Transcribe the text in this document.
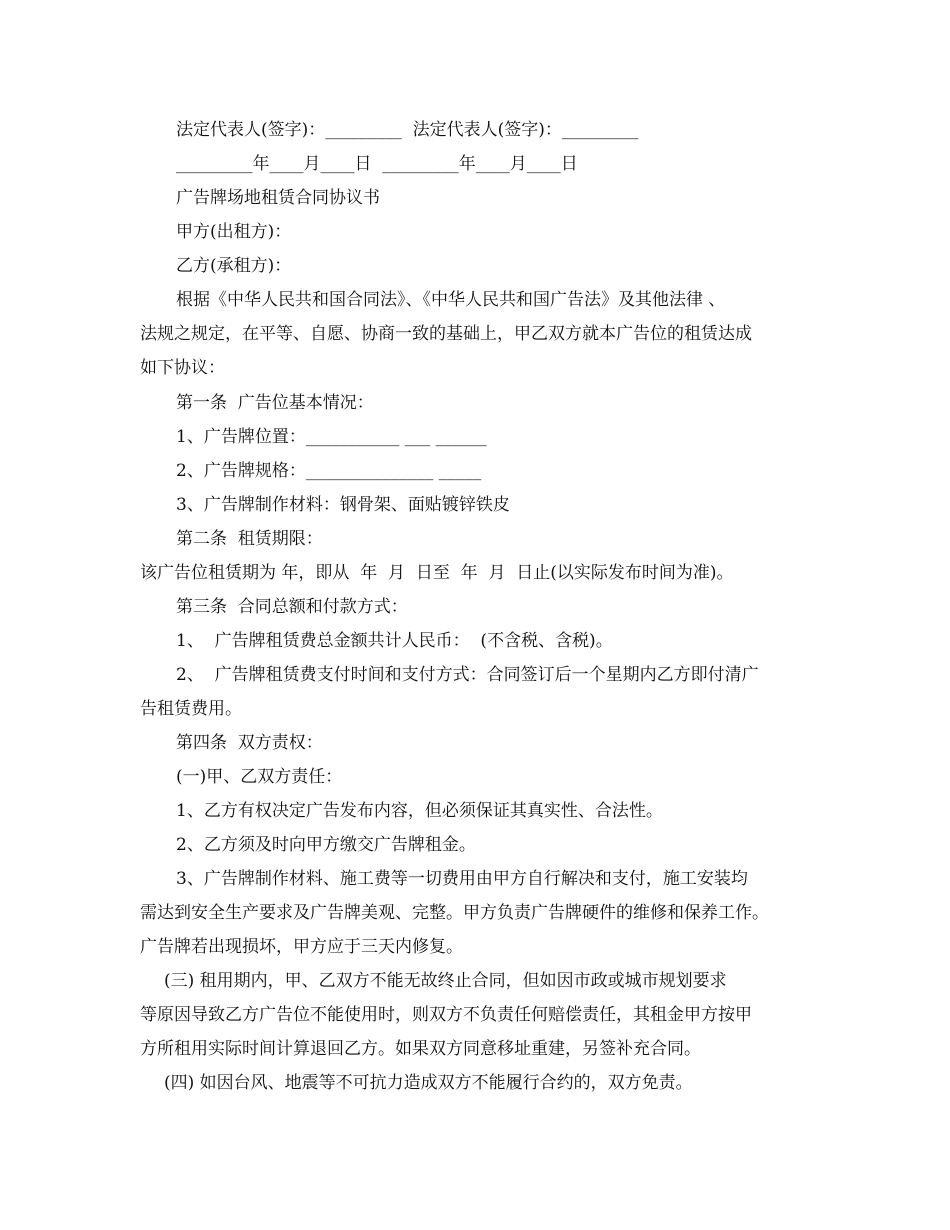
法定代表人(签字)：_________  法定代表人(签字)：_________
_________年____月____日  _________年____月____日
广告牌场地租赁合同协议书
甲方(出租方)：
乙方(承租方)：
根据《中华人民共和国合同法》、《中华人民共和国广告法》及其他法律 、
法规之规定，在平等、自愿、协商一致的基础上，甲乙双方就本广告位的租赁达成
如下协议：
第一条  广告位基本情况：
1、广告牌位置：___________ ___ ______
2、广告牌规格：_______________ _____
3、广告牌制作材料：钢骨架、面贴镀锌铁皮
第二条  租赁期限：
该广告位租赁期为 年，即从  年  月  日至  年  月  日止(以实际发布时间为准)。
第三条  合同总额和付款方式：
1、  广告牌租赁费总金额共计人民币：  (不含税、含税)。
2、  广告牌租赁费支付时间和支付方式：合同签订后一个星期内乙方即付清广
告租赁费用。
第四条  双方责权：
(一)甲、乙双方责任：
1、乙方有权决定广告发布内容，但必须保证其真实性、合法性。
2、乙方须及时向甲方缴交广告牌租金。
3、广告牌制作材料、施工费等一切费用由甲方自行解决和支付，施工安装均
需达到安全生产要求及广告牌美观、完整。甲方负责广告牌硬件的维修和保养工作。
广告牌若出现损坏，甲方应于三天内修复。
(三) 租用期内，甲、乙双方不能无故终止合同，但如因市政或城市规划要求
等原因导致乙方广告位不能使用时，则双方不负责任何赔偿责任，其租金甲方按甲
方所租用实际时间计算退回乙方。如果双方同意移址重建，另签补充合同。
(四) 如因台风、地震等不可抗力造成双方不能履行合约的，双方免责。
